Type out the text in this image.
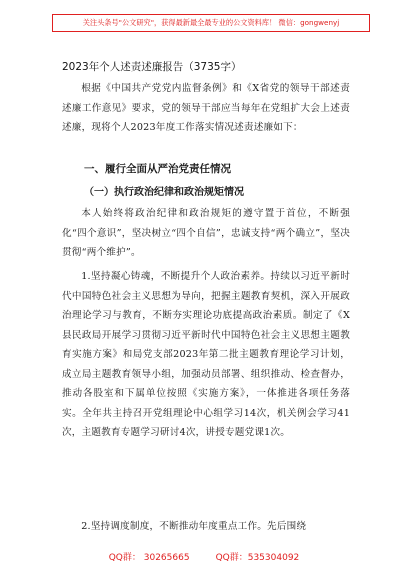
关注头条号"公文研究"，获得最新最全最专业的公文资料库！ 微信：gongwenyj
2023年个人述责述廉报告（3735字）

根据《中国共产党党内监督条例》和《X省党的领导干部述责述廉工作意见》要求，党的领导干部应当每年在党组扩大会上述责述廉，现将个人2023年度工作落实情况述责述廉如下：

一、履行全面从严治党责任情况
（一）执行政治纪律和政治规矩情况

本人始终将政治纪律和政治规矩的遵守置于首位，不断强化“四个意识”，坚决树立“四个自信”，忠诚支持“两个确立”，坚决贯彻“两个维护”。

1.坚持凝心铸魂，不断提升个人政治素养。持续以习近平新时代中国特色社会主义思想为导向，把握主题教育契机，深入开展政治理论学习与教育，不断夯实理论功底提高政治素质。制定了《X县民政局开展学习贯彻习近平新时代中国特色社会主义思想主题教育实施方案》和局党支部2023年第二批主题教育理论学习计划，成立局主题教育领导小组，加强动员部署、组织推动、检查督办，推动各股室和下属单位按照《实施方案》，一体推进各项任务落实。全年共主持召开党组理论中心组学习14次，机关例会学习41次，主题教育专题学习研讨4次，讲授专题党课1次。

2.坚持调度制度，不断推动年度重点工作。先后围绕

QQ群： 30265665	QQ群：535304092
